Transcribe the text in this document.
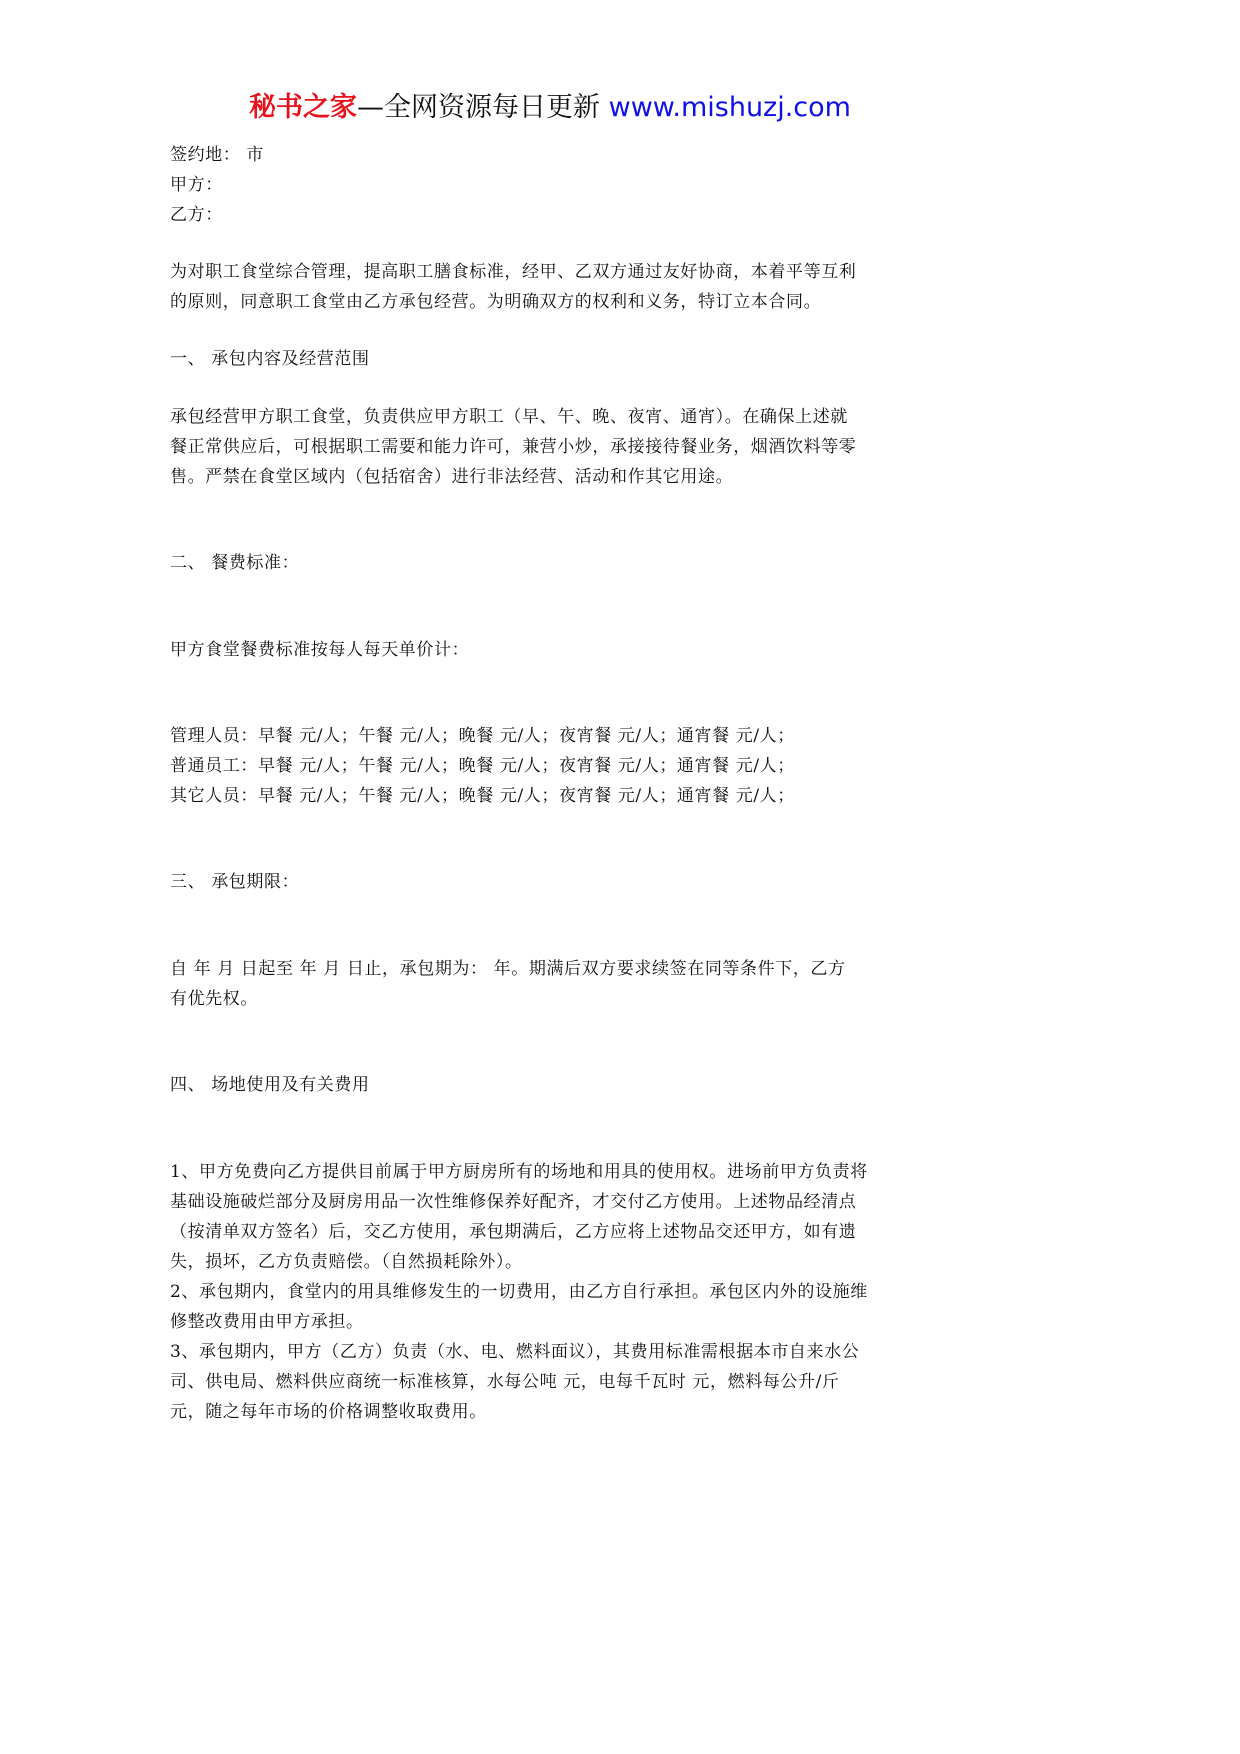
秘书之家—全网资源每日更新 www.mishuzj.com
签约地： 市
甲方：
乙方：
为对职工食堂综合管理，提高职工膳食标准，经甲、乙双方通过友好协商，本着平等互利
的原则，同意职工食堂由乙方承包经营。为明确双方的权利和义务，特订立本合同。
一、 承包内容及经营范围
承包经营甲方职工食堂，负责供应甲方职工（早、午、晚、夜宵、通宵）。在确保上述就
餐正常供应后，可根据职工需要和能力许可，兼营小炒，承接接待餐业务，烟酒饮料等零
售。严禁在食堂区域内（包括宿舍）进行非法经营、活动和作其它用途。
二、 餐费标准：
甲方食堂餐费标准按每人每天单价计：
管理人员：早餐 元/人；午餐 元/人；晚餐 元/人；夜宵餐 元/人；通宵餐 元/人；
普通员工：早餐 元/人；午餐 元/人；晚餐 元/人；夜宵餐 元/人；通宵餐 元/人；
其它人员：早餐 元/人；午餐 元/人；晚餐 元/人；夜宵餐 元/人；通宵餐 元/人；
三、 承包期限：
自 年 月 日起至 年 月 日止，承包期为： 年。期满后双方要求续签在同等条件下，乙方
有优先权。
四、 场地使用及有关费用
1、甲方免费向乙方提供目前属于甲方厨房所有的场地和用具的使用权。进场前甲方负责将
基础设施破烂部分及厨房用品一次性维修保养好配齐，才交付乙方使用。上述物品经清点
（按清单双方签名）后，交乙方使用，承包期满后，乙方应将上述物品交还甲方，如有遗
失，损坏，乙方负责赔偿。（自然损耗除外）。
2、承包期内，食堂内的用具维修发生的一切费用，由乙方自行承担。承包区内外的设施维
修整改费用由甲方承担。
3、承包期内，甲方（乙方）负责（水、电、燃料面议），其费用标准需根据本市自来水公
司、供电局、燃料供应商统一标准核算，水每公吨 元，电每千瓦时 元，燃料每公升/斤
元，随之每年市场的价格调整收取费用。
